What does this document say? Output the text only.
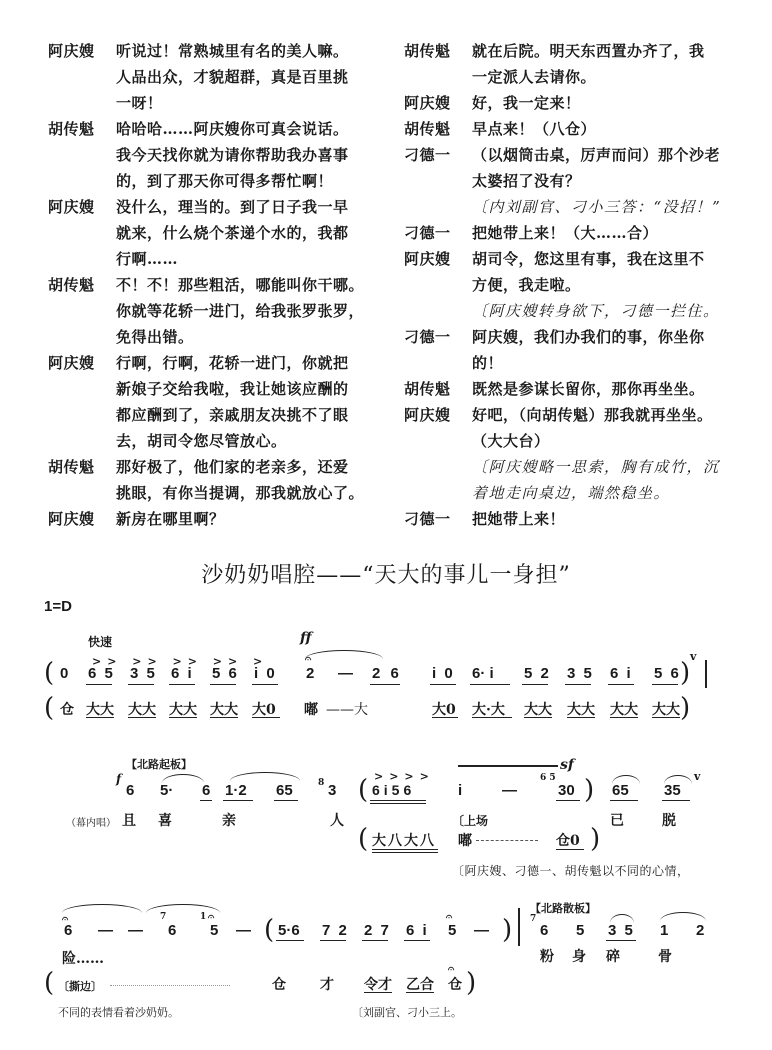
阿庆嫂	听说过！常熟城里有名的美人嘛。
人品出众，才貌超群，真是百里挑
一呀！
胡传魁	哈哈哈……阿庆嫂你可真会说话。
我今天找你就为请你帮助我办喜事
的，到了那天你可得多帮忙啊！
阿庆嫂	没什么，理当的。到了日子我一早
就来，什么烧个茶递个水的，我都
行啊……
胡传魁	不！不！那些粗活，哪能叫你干哪。
你就等花轿一进门，给我张罗张罗，
免得出错。
阿庆嫂	行啊，行啊，花轿一进门，你就把
新娘子交给我啦，我让她该应酬的
都应酬到了，亲戚朋友决挑不了眼
去，胡司令您尽管放心。
胡传魁	那好极了，他们家的老亲多，还爱
挑眼，有你当提调，那我就放心了。
阿庆嫂	新房在哪里啊？
胡传魁	就在后院。明天东西置办齐了，我
一定派人去请你。
阿庆嫂	好，我一定来！
胡传魁	早点来！（八仓）
刁德一	（以烟筒击桌，厉声而问）那个沙老
太婆招了没有？
〔内刘副官、刁小三答：“没招！”
刁德一	把她带上来！（大……合）
阿庆嫂	胡司令，您这里有事，我在这里不
方便，我走啦。
〔阿庆嫂转身欲下，刁德一拦住。
刁德一	阿庆嫂，我们办我们的事，你坐你
的！
胡传魁	既然是参谋长留你，那你再坐坐。
阿庆嫂	好吧，（向胡传魁）那我就再坐坐。
（大大台）
〔阿庆嫂略一思索，胸有成竹，沉
着地走向桌边，端然稳坐。
刁德一	把她带上来！
沙奶奶唱腔——“天大的事儿一身担”
1=D
快速	ff
( 0 6 5 3 5 6 i 5 6 i 0
>> >> >> >> >
2
𝄐
— 2 6 i 0 6· i 5 2 3 5 6 i 5 6 )
v
( 仓 大大 大大 大大 大大 大0 嘟 ——大	大0 大·大 大大 大大 大大 大大 )
【北路起板】
f
6 5· 6 1·2 65	8 3 ( 6i56
>>>>
sf
i	—
6 5
30 ) 65 35
v
（幕内唱） 且 喜	亲	人	〔上场	已	脱
( 大八大八 嘟	仓0 )
〔阿庆嫂、刁德一、胡传魁以不同的心情，
𝄐
6 — —
7
6
1 𝄐
5 — ( 5·6 7 2 2 7 6 i
𝄐
5 — )
【北路散板】
7
6 5 3 5 1 2
险……	粉 身 碎	骨
( 〔撕边〕	仓 才 令才 乙合
𝄐
仓 )
不同的表情看着沙奶奶。	〔刘副官、刁小三上。
